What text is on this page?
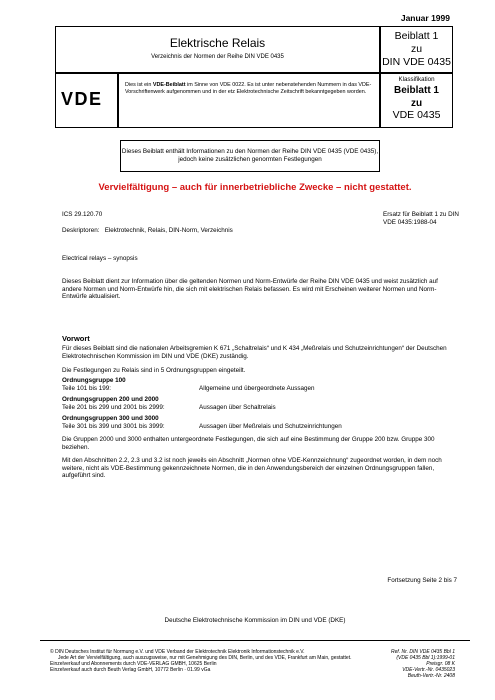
Januar 1999
Elektrische Relais
Verzeichnis der Normen der Reihe DIN VDE 0435
Beiblatt 1
zu
DIN VDE 0435
VDE
Dies ist ein VDE-Beiblatt im Sinne von VDE 0022. Es ist unter nebenstehenden Nummern in das VDE-Vorschriftenwerk aufgenommen und in der etz Elektrotechnische Zeitschrift bekanntgegeben worden.
Klassifikation
Beiblatt 1
zu
VDE 0435
Dieses Beiblatt enthält Informationen zu den Normen der Reihe DIN VDE 0435 (VDE 0435), jedoch keine zusätzlichen genormten Festlegungen
Vervielfältigung – auch für innerbetriebliche Zwecke – nicht gestattet.
ICS 29.120.70
Deskriptoren: Elektrotechnik, Relais, DIN-Norm, Verzeichnis
Ersatz für Beiblatt 1 zu DIN VDE 0435:1988-04
Electrical relays – synopsis
Dieses Beiblatt dient zur Information über die geltenden Normen und Norm-Entwürfe der Reihe DIN VDE 0435 und weist zusätzlich auf andere Normen und Norm-Entwürfe hin, die sich mit elektrischen Relais befassen. Es wird mit Erscheinen weiterer Normen und Norm-Entwürfe aktualisiert.
Vorwort
Für dieses Beiblatt sind die nationalen Arbeitsgremien K 671 „Schaltrelais“ und K 434 „Meßrelais und Schutzeinrichtungen“ der Deutschen Elektrotechnischen Kommission im DIN und VDE (DKE) zuständig.
Die Festlegungen zu Relais sind in 5 Ordnungsgruppen eingeteilt.
Ordnungsgruppe 100
Teile 101 bis 199:	Allgemeine und übergeordnete Aussagen
Ordnungsgruppen 200 und 2000
Teile 201 bis 299 und 2001 bis 2999:	Aussagen über Schaltrelais
Ordnungsgruppen 300 und 3000
Teile 301 bis 399 und 3001 bis 3999:	Aussagen über Meßrelais und Schutzeinrichtungen
Die Gruppen 2000 und 3000 enthalten untergeordnete Festlegungen, die sich auf eine Bestimmung der Gruppe 200 bzw. Gruppe 300 beziehen.
Mit den Abschnitten 2.2, 2.3 und 3.2 ist noch jeweils ein Abschnitt „Normen ohne VDE-Kennzeichnung“ zugeordnet worden, in dem noch weitere, nicht als VDE-Bestimmung gekennzeichnete Normen, die in den Anwendungsbereich der einzelnen Ordnungsgruppen fallen, aufgeführt sind.
Fortsetzung Seite 2 bis 7
Deutsche Elektrotechnische Kommission im DIN und VDE (DKE)
© DIN Deutsches Institut für Normung e.V. und VDE Verband der Elektrotechnik Elektronik Informationstechnik e.V.
Jede Art der Vervielfältigung, auch auszugsweise, nur mit Genehmigung des DIN, Berlin, und des VDE, Frankfurt am Main, gestattet.
Einzelverkauf und Abonnements durch VDE-VERLAG GMBH, 10625 Berlin
Einzelverkauf auch durch Beuth Verlag GmbH, 10772 Berlin · 01.99 vGa
Ref. Nr. DIN VDE 0435 Bbl 1
(VDE 0435 Bbl 1):1999-01
Preisgr. 08 K
VDE-Vertr.-Nr. 0435023
Beuth-Vertr.-Nr. 2408
